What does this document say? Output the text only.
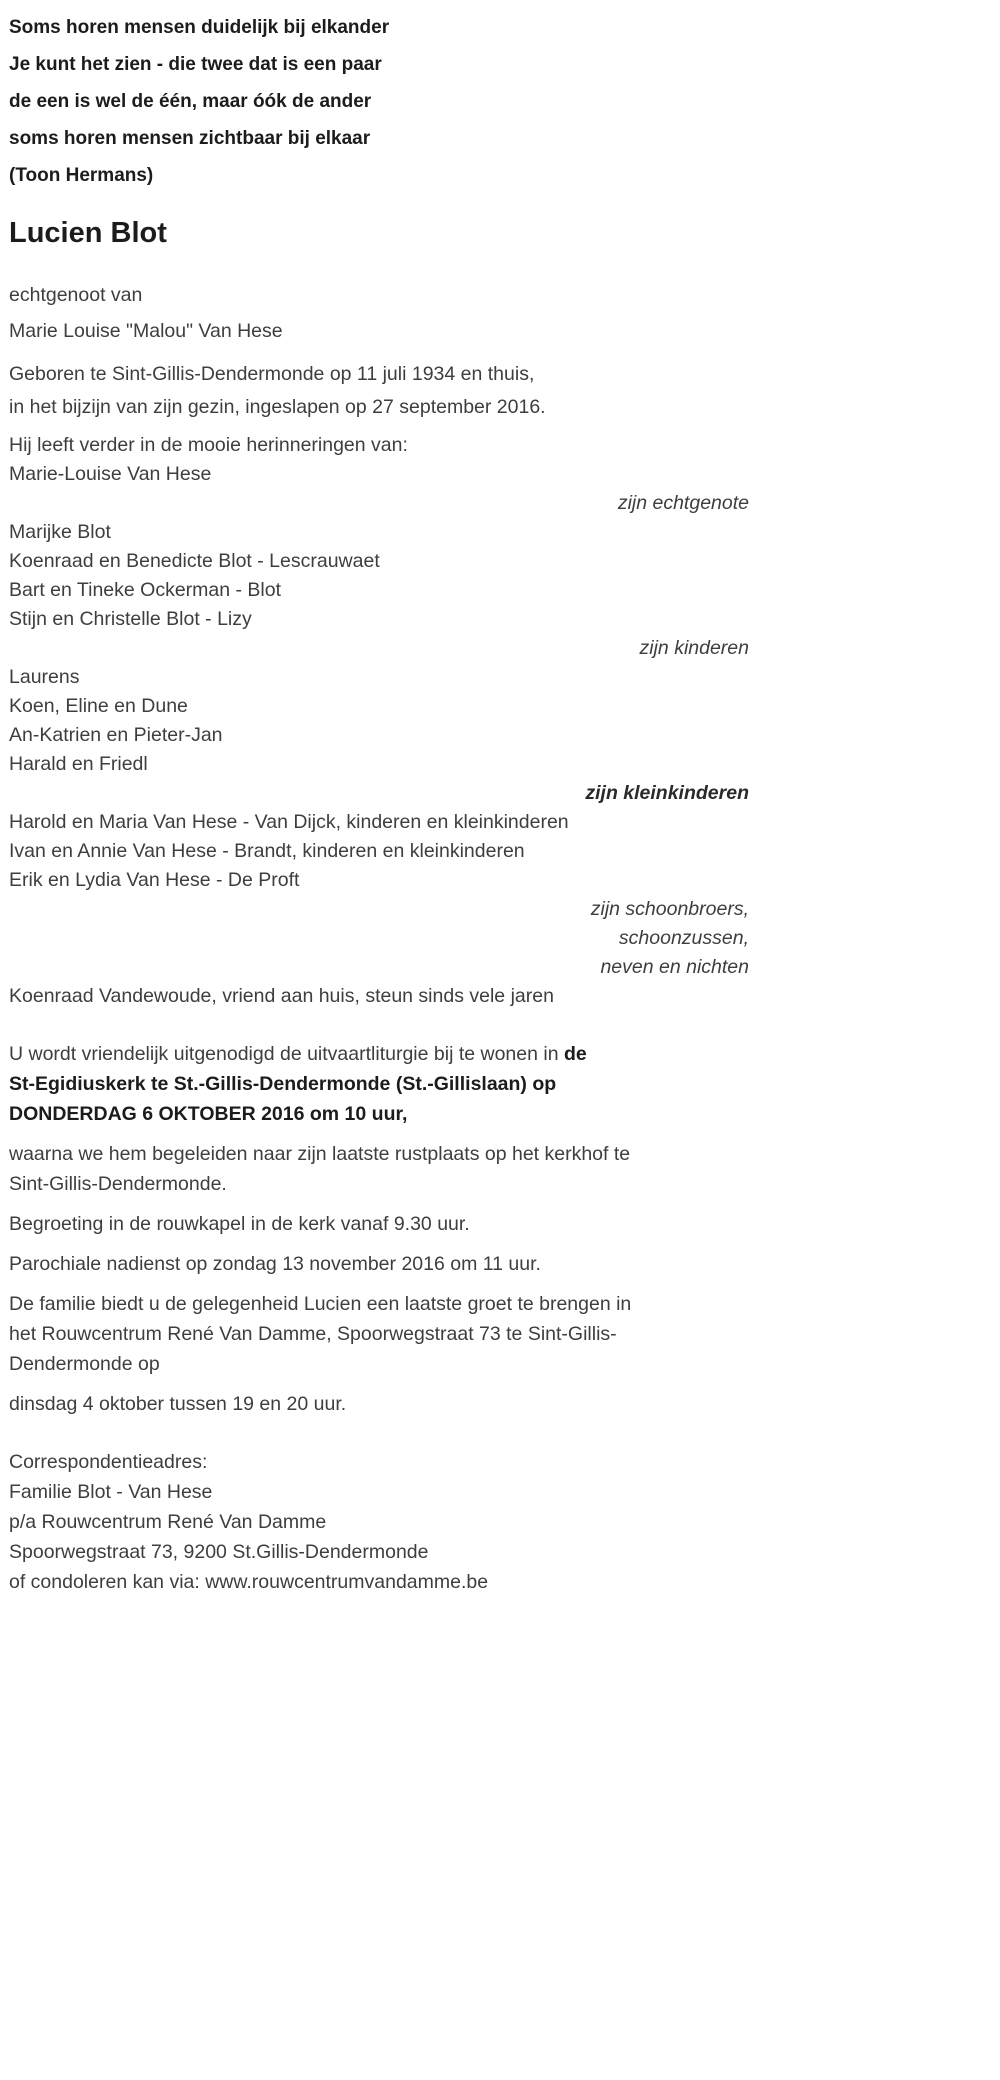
Soms horen mensen duidelijk bij elkander

Je kunt het zien - die twee dat is een paar

de een is wel de één, maar óók de ander

soms horen mensen zichtbaar bij elkaar

(Toon Hermans)

Lucien Blot

echtgenoot van

Marie Louise "Malou" Van Hese

Geboren te Sint-Gillis-Dendermonde op 11 juli 1934 en thuis,

in het bijzijn van zijn gezin, ingeslapen op 27 september 2016.

Hij leeft verder in de mooie herinneringen van:

Marie-Louise Van Hese

zijn echtgenote

Marijke Blot

Koenraad en Benedicte Blot - Lescrauwaet

Bart en Tineke Ockerman - Blot

Stijn en Christelle Blot - Lizy

zijn kinderen

Laurens

Koen, Eline en Dune

An-Katrien en Pieter-Jan

Harald en Friedl

zijn kleinkinderen

Harold en Maria Van Hese - Van Dijck, kinderen en kleinkinderen

Ivan en Annie Van Hese - Brandt, kinderen en kleinkinderen

Erik en Lydia Van Hese - De Proft

zijn schoonbroers,

schoonzussen,

neven en nichten

Koenraad Vandewoude, vriend aan huis, steun sinds vele jaren

U wordt vriendelijk uitgenodigd de uitvaartliturgie bij te wonen in de

St-Egidiuskerk te St.-Gillis-Dendermonde (St.-Gillislaan) op

DONDERDAG 6 OKTOBER 2016 om 10 uur,

waarna we hem begeleiden naar zijn laatste rustplaats op het kerkhof te

Sint-Gillis-Dendermonde.

Begroeting in de rouwkapel in de kerk vanaf 9.30 uur.

Parochiale nadienst op zondag 13 november 2016 om 11 uur.

De familie biedt u de gelegenheid Lucien een laatste groet te brengen in

het Rouwcentrum René Van Damme, Spoorwegstraat 73 te Sint-Gillis-

Dendermonde op

dinsdag 4 oktober tussen 19 en 20 uur.

Correspondentieadres:

Familie Blot - Van Hese

p/a Rouwcentrum René Van Damme

Spoorwegstraat 73, 9200 St.Gillis-Dendermonde

of condoleren kan via: www.rouwcentrumvandamme.be
